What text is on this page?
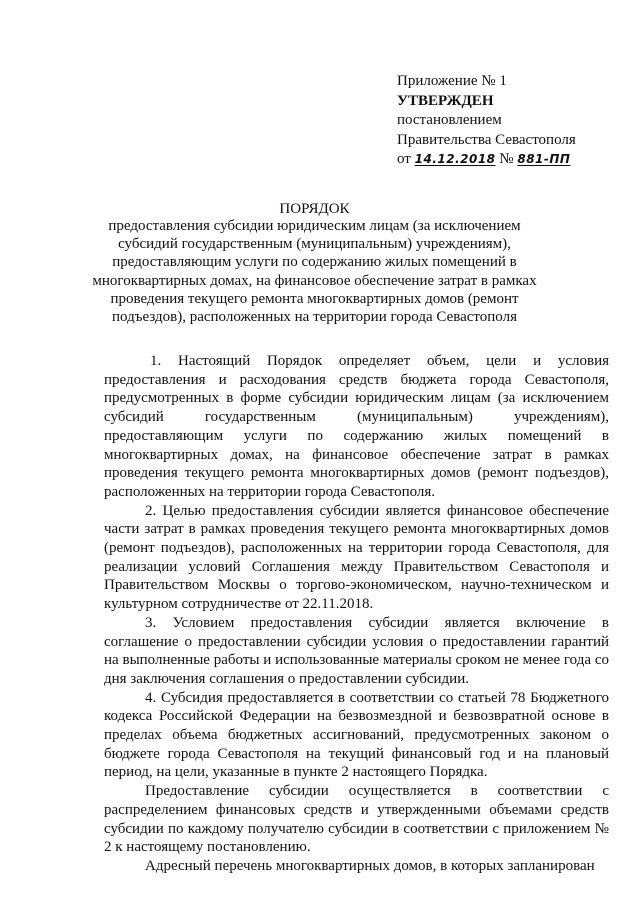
Приложение № 1
УТВЕРЖДЕН
постановлением
Правительства Севастополя
от 14.12.2018 № 881-ПП
ПОРЯДОК
предоставления субсидии юридическим лицам (за исключением субсидий государственным (муниципальным) учреждениям), предоставляющим услуги по содержанию жилых помещений в многоквартирных домах, на финансовое обеспечение затрат в рамках проведения текущего ремонта многоквартирных домов (ремонт подъездов), расположенных на территории города Севастополя

1. Настоящий Порядок определяет объем, цели и условия предоставления и расходования средств бюджета города Севастополя, предусмотренных в форме субсидии юридическим лицам (за исключением субсидий государственным (муниципальным) учреждениям), предоставляющим услуги по содержанию жилых помещений в многоквартирных домах, на финансовое обеспечение затрат в рамках проведения текущего ремонта многоквартирных домов (ремонт подъездов), расположенных на территории города Севастополя.

2. Целью предоставления субсидии является финансовое обеспечение части затрат в рамках проведения текущего ремонта многоквартирных домов (ремонт подъездов), расположенных на территории города Севастополя, для реализации условий Соглашения между Правительством Севастополя и Правительством Москвы о торгово-экономическом, научно-техническом и культурном сотрудничестве от 22.11.2018.

3. Условием предоставления субсидии является включение в соглашение о предоставлении субсидии условия о предоставлении гарантий на выполненные работы и использованные материалы сроком не менее года со дня заключения соглашения о предоставлении субсидии.

4. Субсидия предоставляется в соответствии со статьей 78 Бюджетного кодекса Российской Федерации на безвозмездной и безвозвратной основе в пределах объема бюджетных ассигнований, предусмотренных законом о бюджете города Севастополя на текущий финансовый год и на плановый период, на цели, указанные в пункте 2 настоящего Порядка.

Предоставление субсидии осуществляется в соответствии с распределением финансовых средств и утвержденными объемами средств субсидии по каждому получателю субсидии в соответствии с приложением № 2 к настоящему постановлению.

Адресный перечень многоквартирных домов, в которых запланирован
